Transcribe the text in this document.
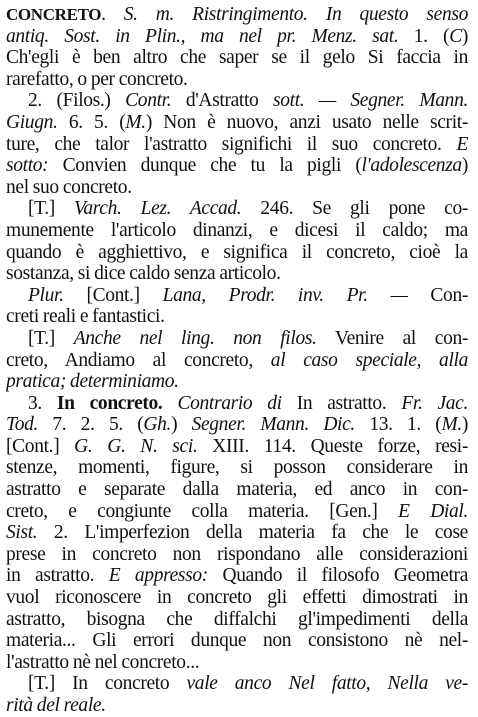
CONCRETO. S. m. Ristringimento. In questo senso
antiq. Sost. in Plin., ma nel pr. Menz. sat. 1. (C)
Ch'egli è ben altro che saper se il gelo Si faccia in
rarefatto, o per concreto.
2. (Filos.) Contr. d'Astratto sott. — Segner. Mann.
Giugn. 6. 5. (M.) Non è nuovo, anzi usato nelle scrit-
ture, che talor l'astratto significhi il suo concreto. E
sotto: Convien dunque che tu la pigli (l'adolescenza)
nel suo concreto.
[T.] Varch. Lez. Accad. 246. Se gli pone co-
munemente l'articolo dinanzi, e dicesi il caldo; ma
quando è agghiettivo, e significa il concreto, cioè la
sostanza, si dice caldo senza articolo.
Plur. [Cont.] Lana, Prodr. inv. Pr. — Con-
creti reali e fantastici.
[T.] Anche nel ling. non filos. Venire al con-
creto, Andiamo al concreto, al caso speciale, alla
pratica; determiniamo.
3. In concreto. Contrario di In astratto. Fr. Jac.
Tod. 7. 2. 5. (Gh.) Segner. Mann. Dic. 13. 1. (M.)
[Cont.] G. G. N. sci. XIII. 114. Queste forze, resi-
stenze, momenti, figure, si posson considerare in
astratto e separate dalla materia, ed anco in con-
creto, e congiunte colla materia. [Gen.] E Dial.
Sist. 2. L'imperfezion della materia fa che le cose
prese in concreto non rispondano alle considerazioni
in astratto. E appresso: Quando il filosofo Geometra
vuol riconoscere in concreto gli effetti dimostrati in
astratto, bisogna che diffalchi gl'impedimenti della
materia... Gli errori dunque non consistono nè nel-
l'astratto nè nel concreto...
[T.] In concreto vale anco Nel fatto, Nella ve-
rità del reale.
